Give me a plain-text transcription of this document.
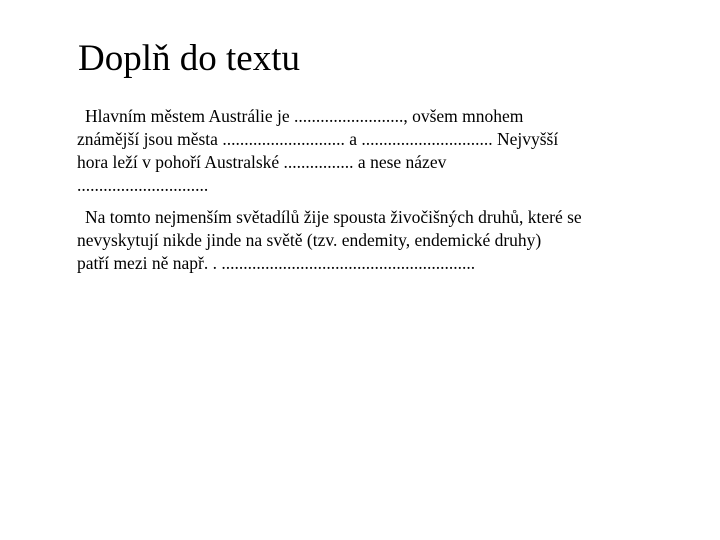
Doplň do textu
Hlavním městem Austrálie je ........................., ovšem mnohem
známější jsou města ............................ a .............................. Nejvyšší
hora leží v pohoří Australské ................ a nese název
..............................
Na tomto nejmenším světadílů žije spousta živočišných druhů, které se
nevyskytují nikde jinde na světě (tzv. endemity, endemické druhy)
patří mezi ně např. . ..........................................................
